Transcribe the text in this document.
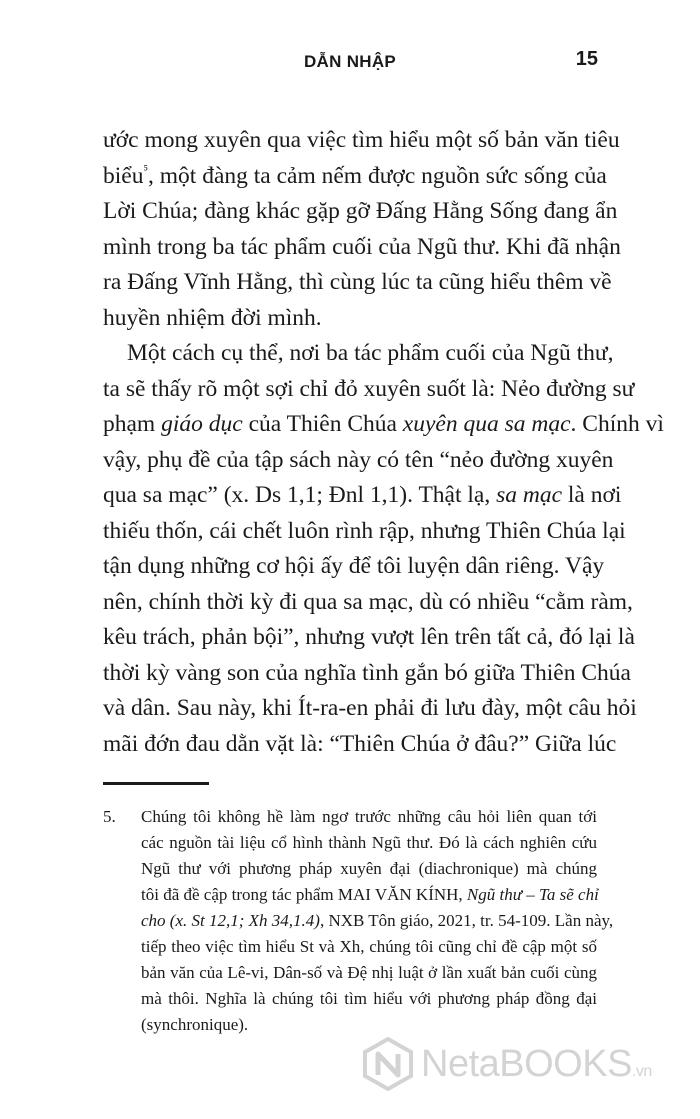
DẪN NHẬP	15
ước mong xuyên qua việc tìm hiểu một số bản văn tiêu
biểu$^{^5}$, một đàng ta cảm nếm được nguồn sức sống của
Lời Chúa; đàng khác gặp gỡ Đấng Hằng Sống đang ẩn
mình trong ba tác phẩm cuối của Ngũ thư. Khi đã nhận
ra Đấng Vĩnh Hằng, thì cùng lúc ta cũng hiểu thêm về
huyền nhiệm đời mình.
Một cách cụ thể, nơi ba tác phẩm cuối của Ngũ thư,
ta sẽ thấy rõ một sợi chỉ đỏ xuyên suốt là: Nẻo đường sư
phạm giáo dục của Thiên Chúa xuyên qua sa mạc. Chính vì
vậy, phụ đề của tập sách này có tên “nẻo đường xuyên
qua sa mạc” (x. Ds 1,1; Đnl 1,1). Thật lạ, sa mạc là nơi
thiếu thốn, cái chết luôn rình rập, nhưng Thiên Chúa lại
tận dụng những cơ hội ấy để tôi luyện dân riêng. Vậy
nên, chính thời kỳ đi qua sa mạc, dù có nhiều “cằm ràm,
kêu trách, phản bội”, nhưng vượt lên trên tất cả, đó lại là
thời kỳ vàng son của nghĩa tình gắn bó giữa Thiên Chúa
và dân. Sau này, khi Ít-ra-en phải đi lưu đày, một câu hỏi
mãi đớn đau dằn vặt là: “Thiên Chúa ở đâu?” Giữa lúc
5. Chúng tôi không hề làm ngơ trước những câu hỏi liên quan tới
các nguồn tài liệu cổ hình thành Ngũ thư. Đó là cách nghiên cứu
Ngũ thư với phương pháp xuyên đại (diachronique) mà chúng
tôi đã đề cập trong tác phẩm MAI VĂN KÍNH, Ngũ thư – Ta sẽ chỉ
cho (x. St 12,1; Xh 34,1.4), NXB Tôn giáo, 2021, tr. 54-109. Lần này,
tiếp theo việc tìm hiểu St và Xh, chúng tôi cũng chỉ đề cập một số
bản văn của Lê-vi, Dân-số và Đệ nhị luật ở lần xuất bản cuối cùng
mà thôi. Nghĩa là chúng tôi tìm hiểu với phương pháp đồng đại
(synchronique).
NetaBOOKS.vn
